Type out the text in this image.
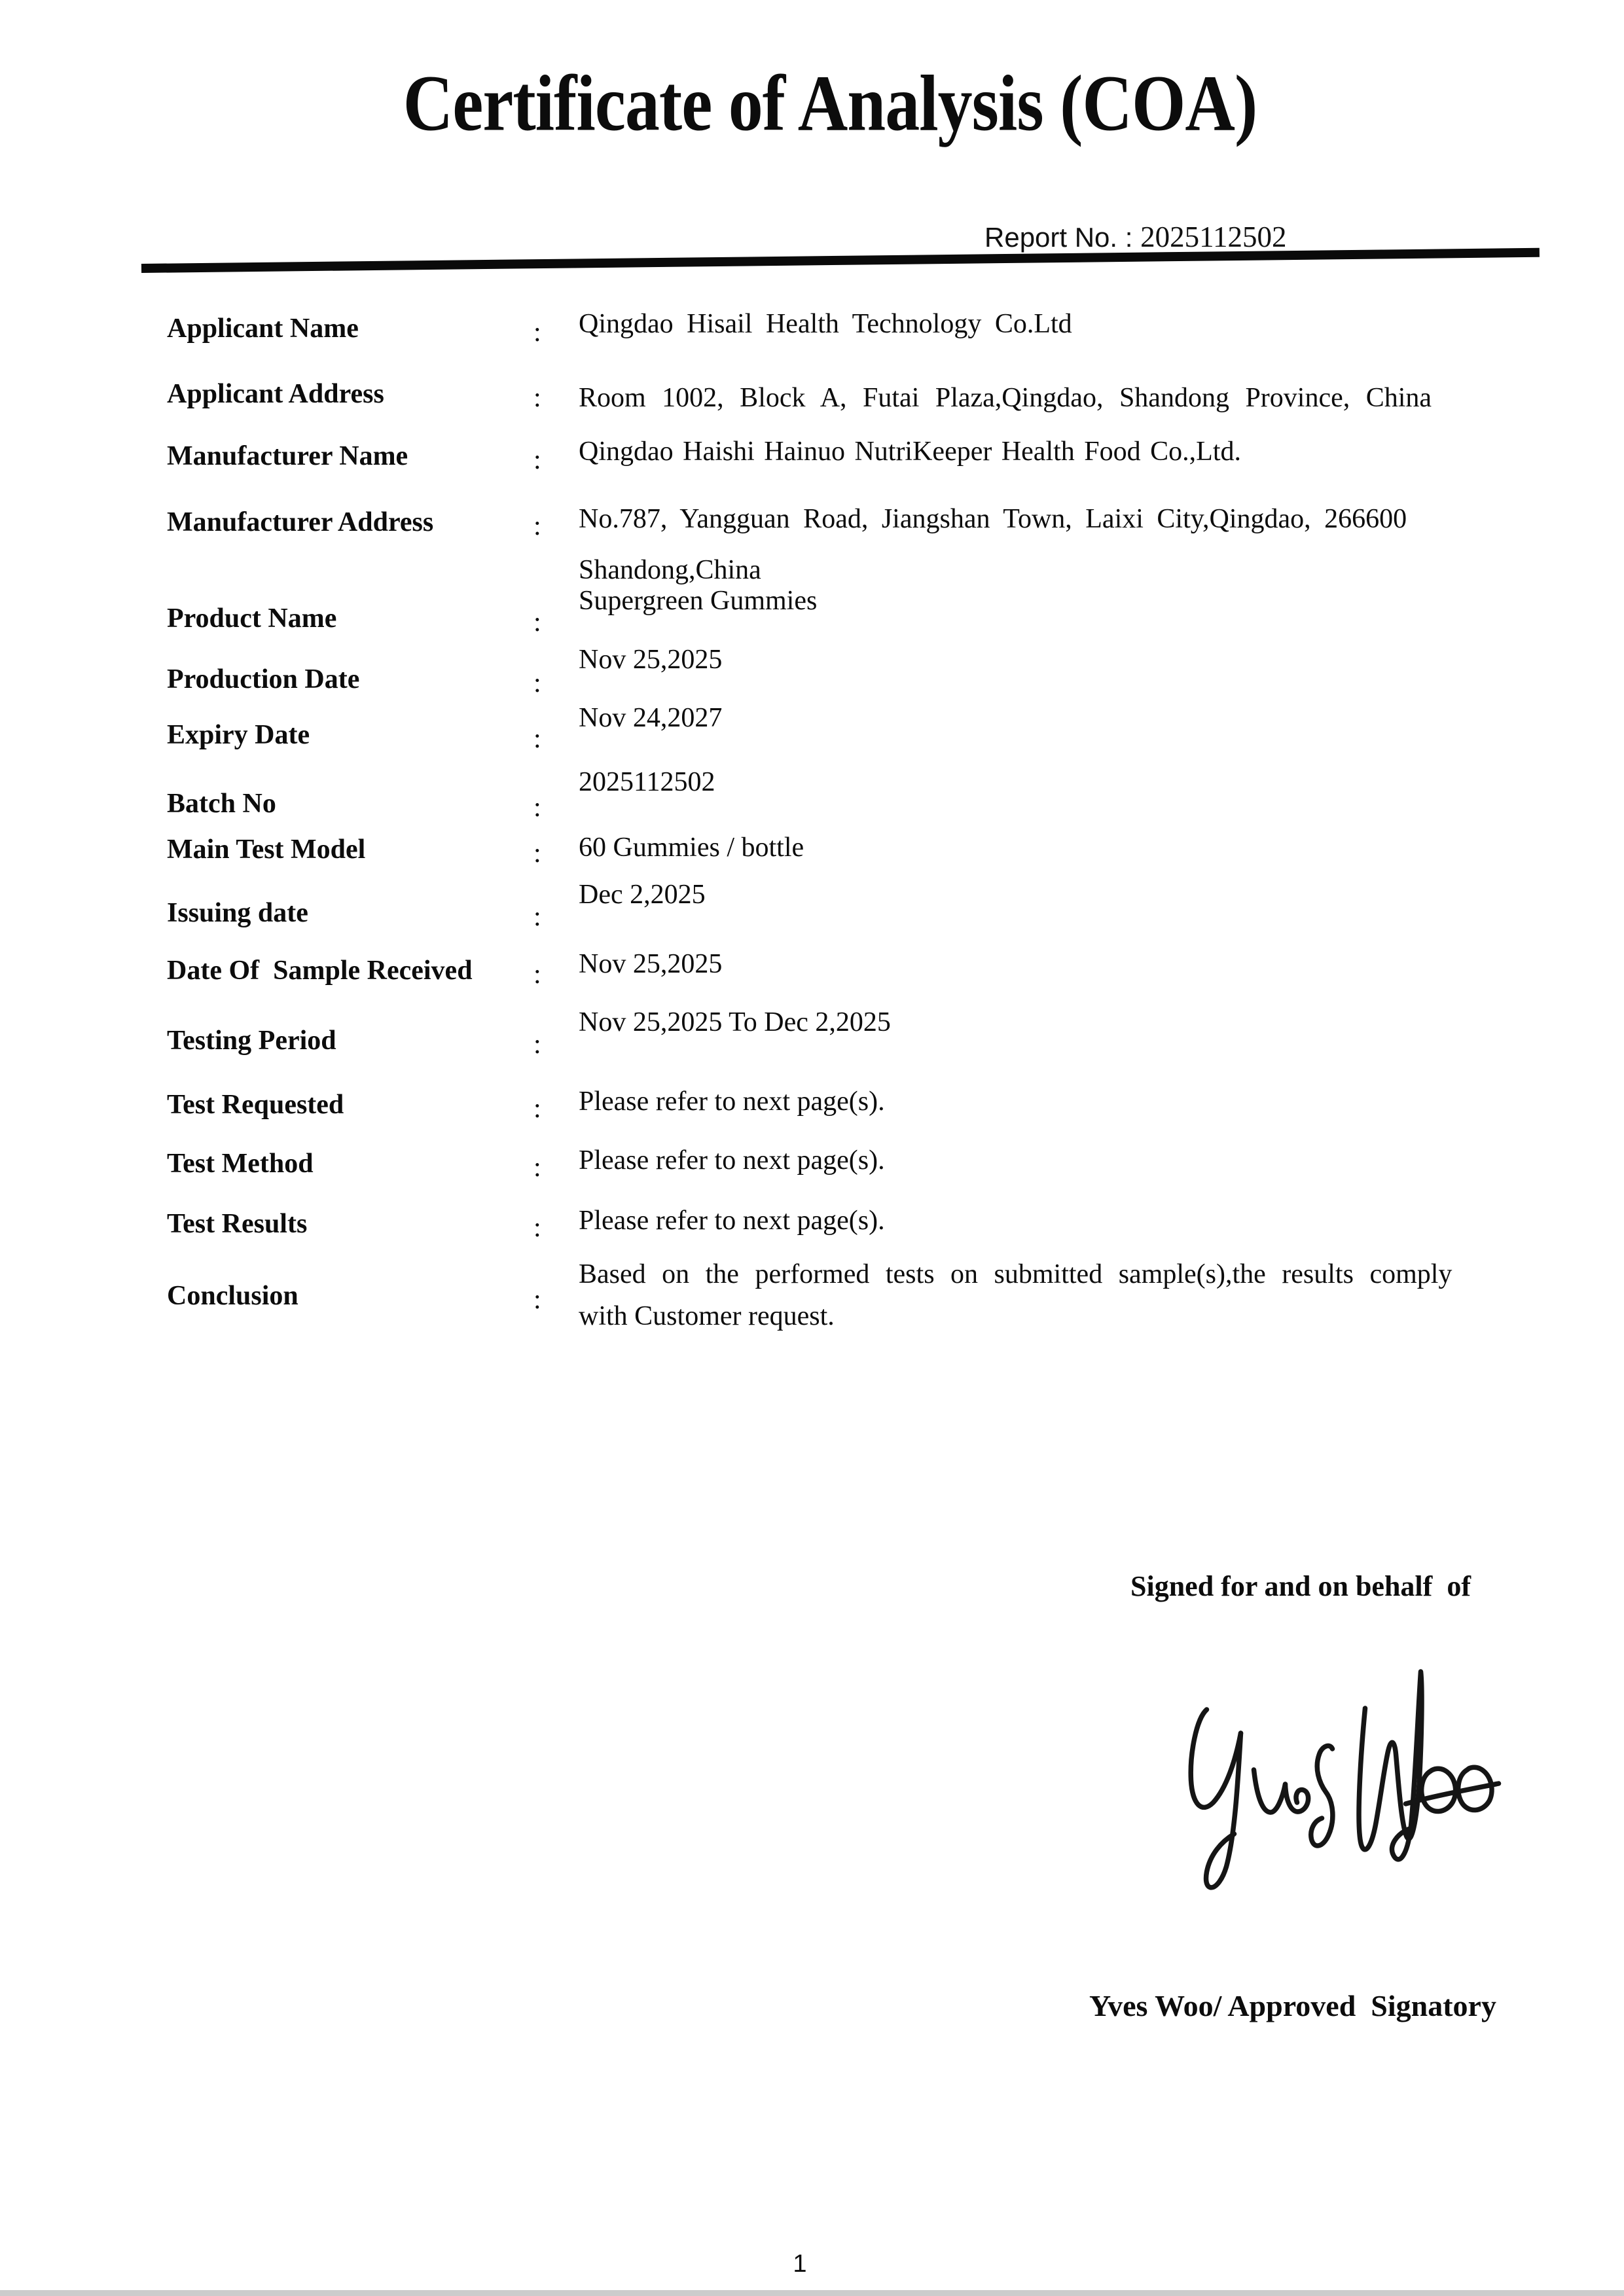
Certificate of Analysis (COA)

Report No. : 2025112502

Applicant Name	: Qingdao Hisail Health Technology Co.Ltd
Applicant Address	: Room 1002, Block A, Futai Plaza,Qingdao, Shandong Province, China
Manufacturer Name	: Qingdao Haishi Hainuo NutriKeeper Health Food Co.,Ltd.
Manufacturer Address	: No.787, Yangguan Road, Jiangshan Town, Laixi City,Qingdao, 266600
Shandong,China
Product Name	:
Supergreen Gummies
Production Date	:
Nov 25,2025
Expiry Date	:
Nov 24,2027
Batch No	:
2025112502
Main Test Model	: 60 Gummies / bottle
Issuing date	:
Dec 2,2025
Date Of  Sample Received : Nov 25,2025
Testing Period	:
Nov 25,2025 To Dec 2,2025
Test Requested	: Please refer to next page(s).
Test Method	: Please refer to next page(s).
Test Results	: Please refer to next page(s).
Conclusion	:
Based on the performed tests on submitted sample(s),the results comply
with Customer request.
Signed for and on behalf  of
Yves Woo/ Approved  Signatory
1
